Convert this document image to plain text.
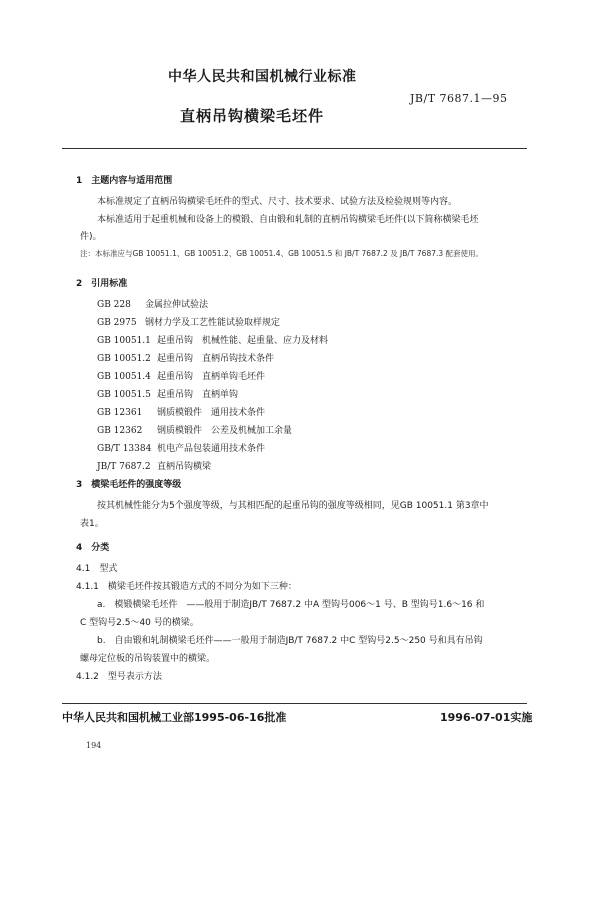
中华人民共和国机械行业标准
JB/T 7687.1—95
直柄吊钩横梁毛坯件
1　主题内容与适用范围
本标准规定了直柄吊钩横梁毛坯件的型式、尺寸、技术要求、试验方法及检验规则等内容。
本标准适用于起重机械和设备上的模锻、自由锻和轧制的直柄吊钩横梁毛坯件(以下简称横梁毛坯
件)。
注：本标准应与GB 10051.1、GB 10051.2、GB 10051.4、GB 10051.5 和 JB/T 7687.2 及 JB/T 7687.3 配套使用。
2　引用标准
GB 228 金属拉伸试验法
GB 2975 钢材力学及工艺性能试验取样规定
GB 10051.1 起重吊钩　机械性能、起重量、应力及材料
GB 10051.2 起重吊钩　直柄吊钩技术条件
GB 10051.4 起重吊钩　直柄单钩毛坯件
GB 10051.5 起重吊钩　直柄单钩
GB 12361 钢质模锻件　通用技术条件
GB 12362 钢质模锻件　公差及机械加工余量
GB/T 13384 机电产品包装通用技术条件
JB/T 7687.2 直柄吊钩横梁
3　横梁毛坯件的强度等级
按其机械性能分为5个强度等级，与其相匹配的起重吊钩的强度等级相同，见GB 10051.1 第3章中
表1。
4　分类
4.1　型式
4.1.1　横梁毛坯件按其锻造方式的不同分为如下三种：
a.　模锻横梁毛坯件　——般用于制造JB/T 7687.2 中A 型钩号006～1 号、B 型钩号1.6～16 和
C 型钩号2.5～40 号的横梁。
b.　自由锻和轧制横梁毛坯件——一般用于制造JB/T 7687.2 中C 型钩号2.5～250 号和具有吊钩
螺母定位板的吊钩装置中的横梁。
4.1.2　型号表示方法
中华人民共和国机械工业部1995-06-16批准	1996-07-01实施
194
